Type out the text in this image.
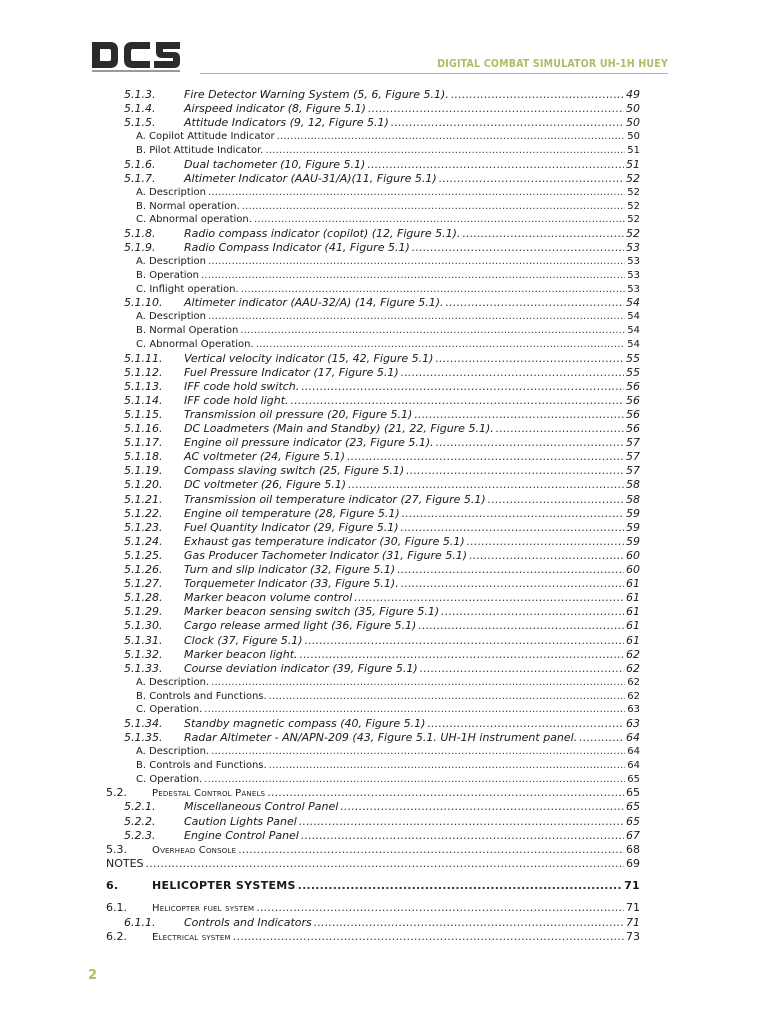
DIGITAL COMBAT SIMULATOR UH-1H HUEY
5.1.3.	Fire Detector Warning System (5, 6, Figure 5.1). .....	49
5.1.4.	Airspeed indicator (8, Figure 5.1) .....	50
5.1.5.	Attitude Indicators (9, 12, Figure 5.1) .....	50
A. Copilot Attitude Indicator .....	50
B. Pilot Attitude Indicator. .....	51
5.1.6.	Dual tachometer (10, Figure 5.1) .....	51
5.1.7.	Altimeter Indicator (AAU-31/A)(11, Figure 5.1) .....	52
A. Description .....	52
B. Normal operation. .....	52
C. Abnormal operation. .....	52
5.1.8.	Radio compass indicator (copilot) (12, Figure 5.1). .....	52
5.1.9.	Radio Compass Indicator (41, Figure 5.1) .....	53
A. Description .....	53
B. Operation .....	53
C. Inflight operation. .....	53
5.1.10.	Altimeter indicator (AAU-32/A) (14, Figure 5.1). .....	54
A. Description .....	54
B. Normal Operation .....	54
C. Abnormal Operation. .....	54
5.1.11.	Vertical velocity indicator (15, 42, Figure 5.1) .....	55
5.1.12.	Fuel Pressure Indicator (17, Figure 5.1) .....	55
5.1.13.	IFF code hold switch. .....	56
5.1.14.	IFF code hold light. .....	56
5.1.15.	Transmission oil pressure (20, Figure 5.1) .....	56
5.1.16.	DC Loadmeters (Main and Standby) (21, 22, Figure 5.1). .....	56
5.1.17.	Engine oil pressure indicator (23, Figure 5.1). .....	57
5.1.18.	AC voltmeter (24, Figure 5.1) .....	57
5.1.19.	Compass slaving switch (25, Figure 5.1) .....	57
5.1.20.	DC voltmeter (26, Figure 5.1) .....	58
5.1.21.	Transmission oil temperature indicator (27, Figure 5.1) .....	58
5.1.22.	Engine oil temperature (28, Figure 5.1) .....	59
5.1.23.	Fuel Quantity Indicator (29, Figure 5.1) .....	59
5.1.24.	Exhaust gas temperature indicator (30, Figure 5.1) .....	59
5.1.25.	Gas Producer Tachometer Indicator (31, Figure 5.1) .....	60
5.1.26.	Turn and slip indicator (32, Figure 5.1) .....	60
5.1.27.	Torquemeter Indicator (33, Figure 5.1). .....	61
5.1.28.	Marker beacon volume control .....	61
5.1.29.	Marker beacon sensing switch (35, Figure 5.1) .....	61
5.1.30.	Cargo release armed light (36, Figure 5.1) .....	61
5.1.31.	Clock (37, Figure 5.1) .....	61
5.1.32.	Marker beacon light. .....	62
5.1.33.	Course deviation indicator (39, Figure 5.1) .....	62
A. Description. .....	62
B. Controls and Functions. .....	62
C. Operation. .....	63
5.1.34.	Standby magnetic compass (40, Figure 5.1) .....	63
5.1.35.	Radar Altimeter - AN/APN-209 (43, Figure 5.1. UH-1H instrument panel. .....	64
A. Description. .....	64
B. Controls and Functions. .....	64
C. Operation. .....	65
5.2.	Pedestal Control Panels .....	65
5.2.1.	Miscellaneous Control Panel .....	65
5.2.2.	Caution Lights Panel .....	65
5.2.3.	Engine Control Panel .....	67
5.3.	Overhead Console .....	68
NOTES .....	69
6.	HELICOPTER SYSTEMS .....	71
6.1.	Helicopter fuel system .....	71
6.1.1.	Controls and Indicators .....	71
6.2.	Electrical system .....	73
2
